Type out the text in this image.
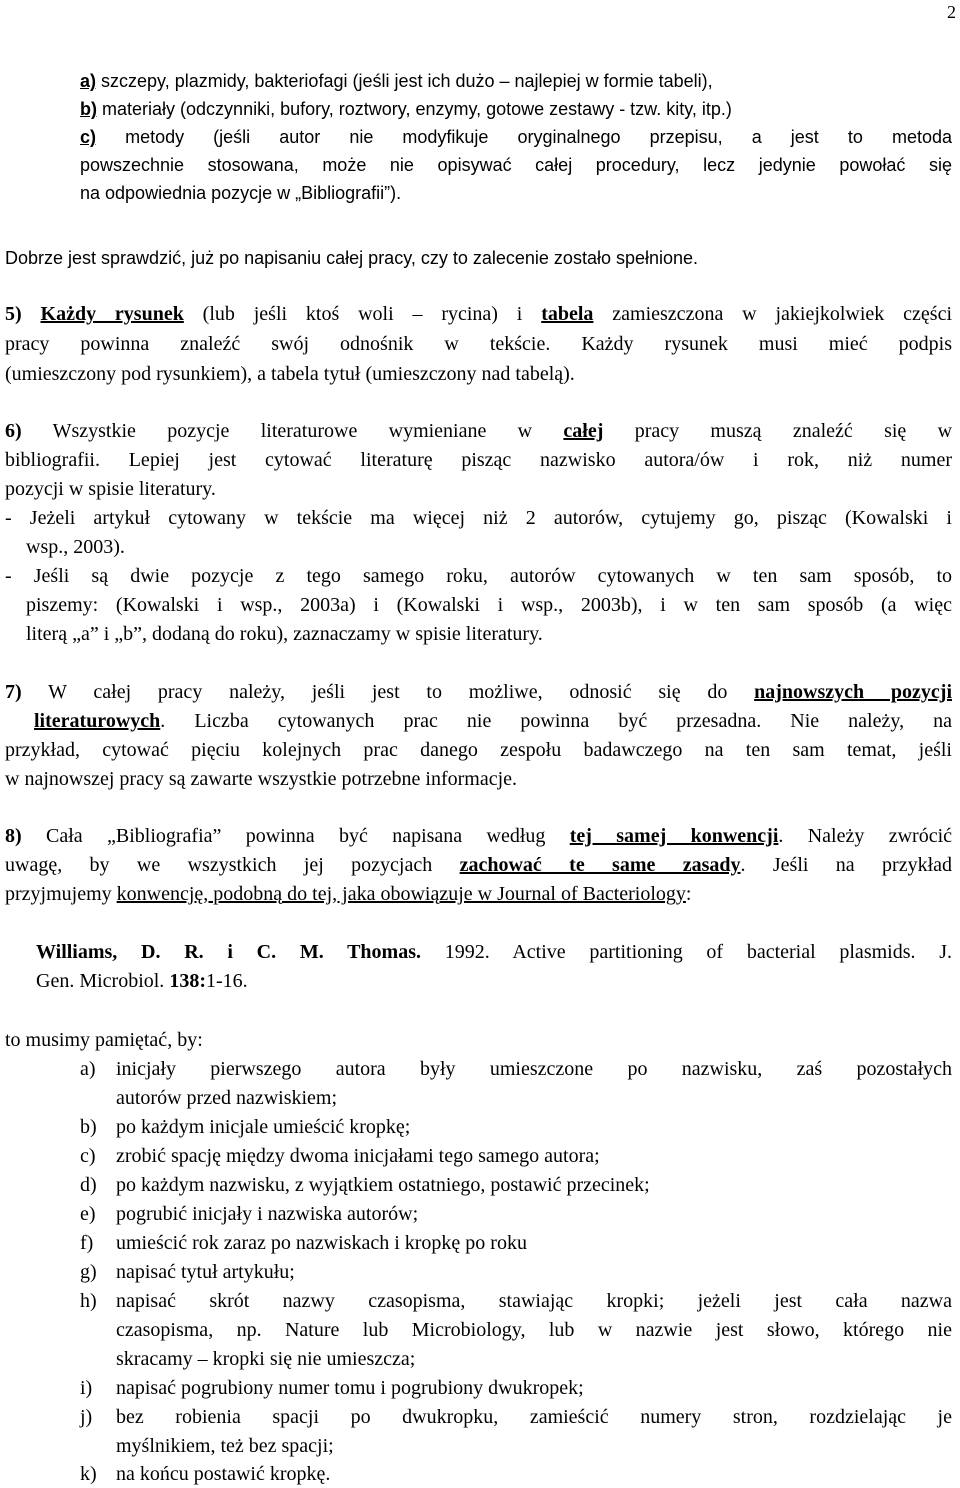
2
a) szczepy, plazmidy, bakteriofagi (jeśli jest ich dużo – najlepiej w formie tabeli),
b) materiały (odczynniki, bufory, roztwory, enzymy, gotowe zestawy - tzw. kity, itp.)
c) metody (jeśli autor nie modyfikuje oryginalnego przepisu, a jest to metoda
powszechnie stosowana, może nie opisywać całej procedury, lecz jedynie powołać się
na odpowiednia pozycje w „Bibliografii”).
Dobrze jest sprawdzić, już po napisaniu całej pracy, czy to zalecenie zostało spełnione.
5) Każdy rysunek (lub jeśli ktoś woli – rycina) i tabela zamieszczona w jakiejkolwiek części
pracy powinna znaleźć swój odnośnik w tekście. Każdy rysunek musi mieć podpis
(umieszczony pod rysunkiem), a tabela tytuł (umieszczony nad tabelą).
6) Wszystkie pozycje literaturowe wymieniane w całej pracy muszą znaleźć się w
bibliografii. Lepiej jest cytować literaturę pisząc nazwisko autora/ów i rok, niż numer
pozycji w spisie literatury.
- Jeżeli artykuł cytowany w tekście ma więcej niż 2 autorów, cytujemy go, pisząc (Kowalski i
wsp., 2003).
- Jeśli są dwie pozycje z tego samego roku, autorów cytowanych w ten sam sposób, to
piszemy: (Kowalski i wsp., 2003a) i (Kowalski i wsp., 2003b), i w ten sam sposób (a więc
literą „a” i „b”, dodaną do roku), zaznaczamy w spisie literatury.
7) W całej pracy należy, jeśli jest to możliwe, odnosić się do najnowszych pozycji
literaturowych. Liczba cytowanych prac nie powinna być przesadna. Nie należy, na
przykład, cytować pięciu kolejnych prac danego zespołu badawczego na ten sam temat, jeśli
w najnowszej pracy są zawarte wszystkie potrzebne informacje.
8) Cała „Bibliografia” powinna być napisana według tej samej konwencji. Należy zwrócić
uwagę, by we wszystkich jej pozycjach zachować te same zasady. Jeśli na przykład
przyjmujemy konwencję, podobną do tej, jaka obowiązuje w Journal of Bacteriology:
Williams, D. R. i C. M. Thomas. 1992. Active partitioning of bacterial plasmids. J.
Gen. Microbiol. 138:1-16.
to musimy pamiętać, by:
a) inicjały pierwszego autora były umieszczone po nazwisku, zaś pozostałych
autorów przed nazwiskiem;
b) po każdym inicjale umieścić kropkę;
c) zrobić spację między dwoma inicjałami tego samego autora;
d) po każdym nazwisku, z wyjątkiem ostatniego, postawić przecinek;
e) pogrubić inicjały i nazwiska autorów;
f) umieścić rok zaraz po nazwiskach i kropkę po roku
g) napisać tytuł artykułu;
h) napisać skrót nazwy czasopisma, stawiając kropki; jeżeli jest cała nazwa
czasopisma, np. Nature lub Microbiology, lub w nazwie jest słowo, którego nie
skracamy – kropki się nie umieszcza;
i) napisać pogrubiony numer tomu i pogrubiony dwukropek;
j) bez robienia spacji po dwukropku, zamieścić numery stron, rozdzielając je
myślnikiem, też bez spacji;
k) na końcu postawić kropkę.
